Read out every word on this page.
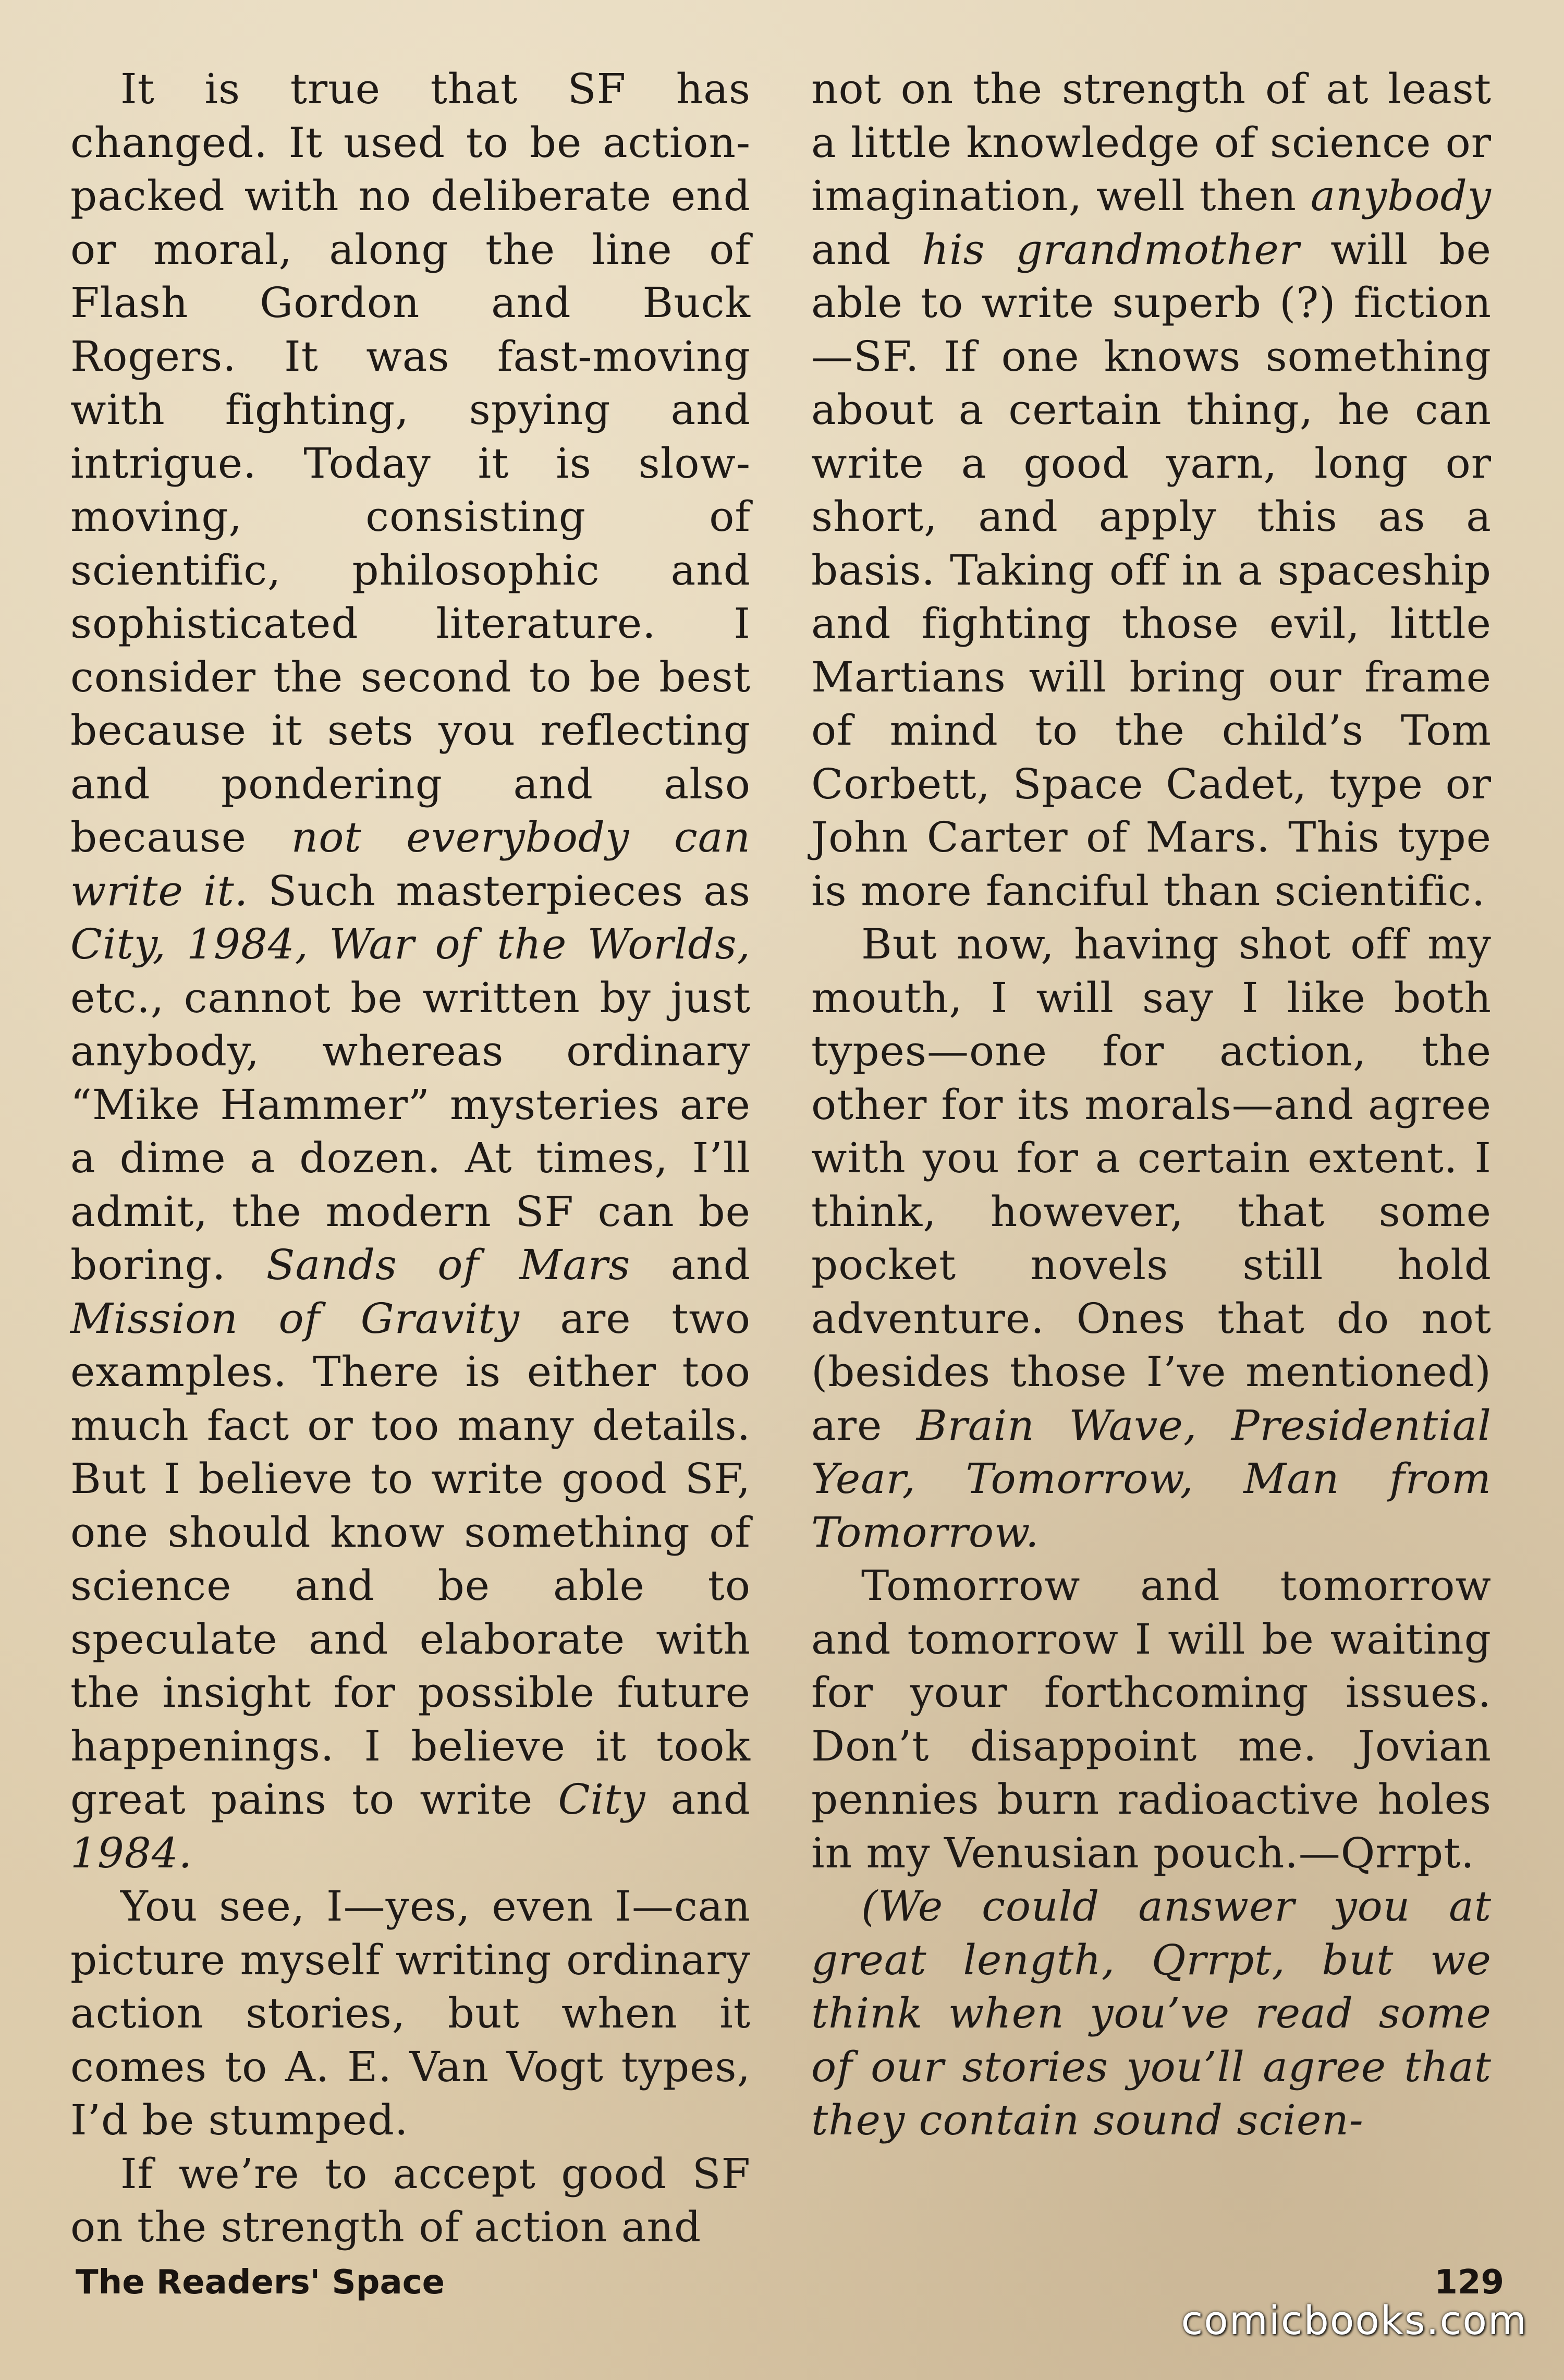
It is true that SF has changed. It used to be action-packed with no deliberate end or moral, along the line of Flash Gordon and Buck Rogers. It was fast-moving with fighting, spying and intrigue. Today it is slow-moving, consisting of scientific, philosophic and sophisticated literature. I consider the second to be best because it sets you reflecting and pondering and also because not everybody can write it. Such masterpieces as City, 1984, War of the Worlds, etc., cannot be written by just anybody, whereas ordinary “Mike Hammer” mysteries are a dime a dozen. At times, I’ll admit, the modern SF can be boring. Sands of Mars and Mission of Gravity are two examples. There is either too much fact or too many details. But I believe to write good SF, one should know something of science and be able to speculate and elaborate with the insight for possible future happenings. I believe it took great pains to write City and 1984.

You see, I—yes, even I—can picture myself writing ordinary action stories, but when it comes to A. E. Van Vogt types, I’d be stumped.

If we’re to accept good SF on the strength of action and

not on the strength of at least a little knowledge of science or imagination, well then anybody and his grandmother will be able to write superb (?) fiction—SF. If one knows something about a certain thing, he can write a good yarn, long or short, and apply this as a basis. Taking off in a spaceship and fighting those evil, little Martians will bring our frame of mind to the child’s Tom Corbett, Space Cadet, type or John Carter of Mars. This type is more fanciful than scientific.

But now, having shot off my mouth, I will say I like both types—one for action, the other for its morals—and agree with you for a certain extent. I think, however, that some pocket novels still hold adventure. Ones that do not (besides those I’ve mentioned) are Brain Wave, Presidential Year, Tomorrow, Man from Tomorrow.

Tomorrow and tomorrow and tomorrow I will be waiting for your forthcoming issues. Don’t disappoint me. Jovian pennies burn radioactive holes in my Venusian pouch.—Qrrpt.

(We could answer you at great length, Qrrpt, but we think when you’ve read some of our stories you’ll agree that they contain sound scien-

The Readers' Space	129
comicbooks.com
